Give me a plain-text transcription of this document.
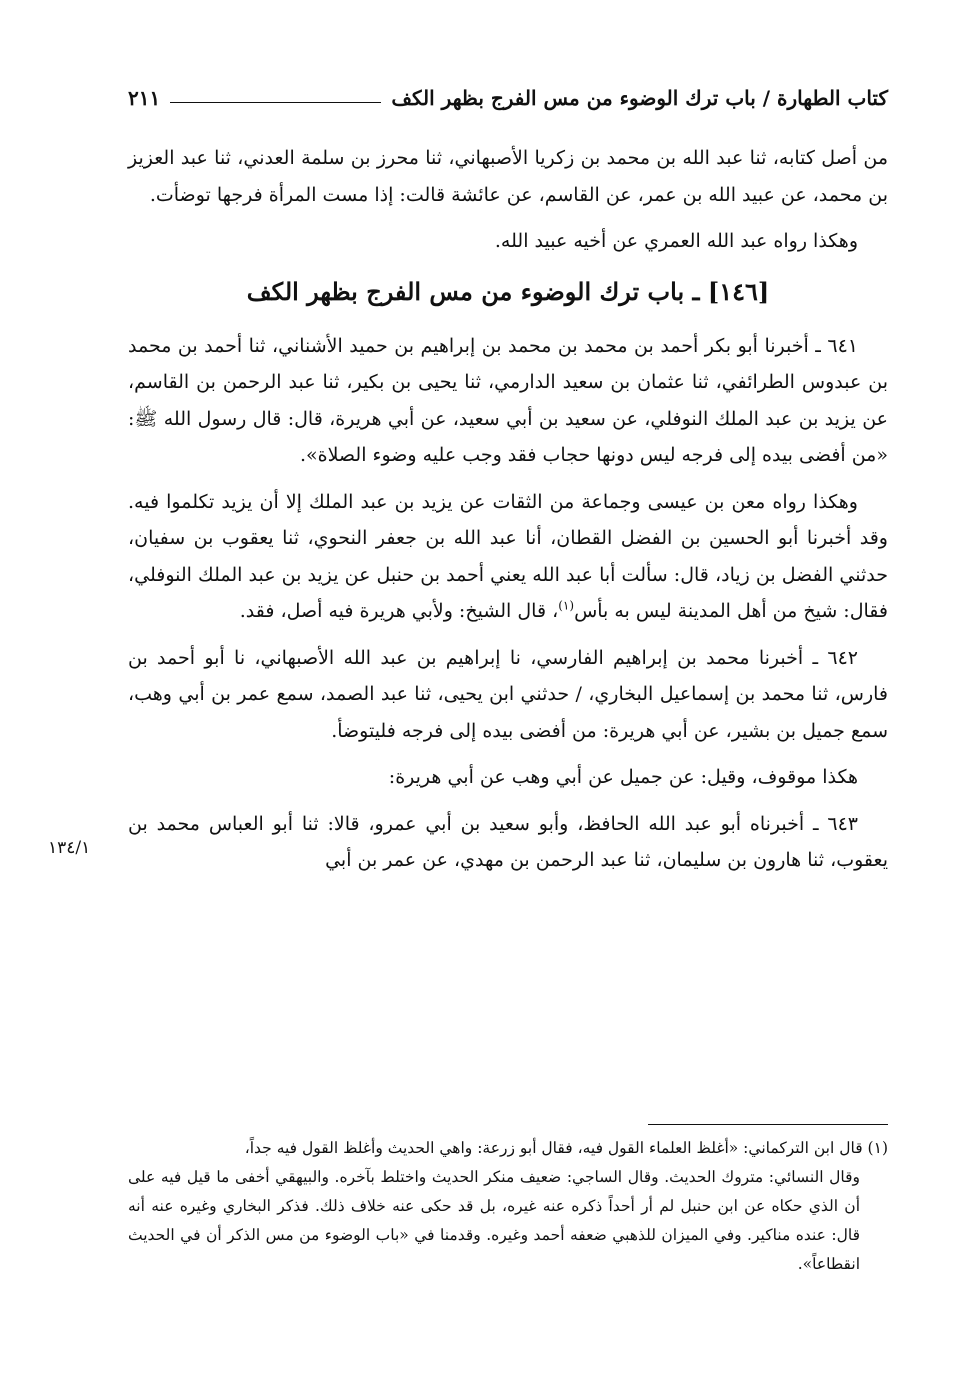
كتاب الطهارة / باب ترك الوضوء من مس الفرج بظهر الكف
٢١١

من أصل كتابه، ثنا عبد الله بن محمد بن زكريا الأصبهاني، ثنا محرز بن سلمة العدني، ثنا عبد العزيز بن محمد، عن عبيد الله بن عمر، عن القاسم، عن عائشة قالت: إذا مست المرأة فرجها توضأت.

وهكذا رواه عبد الله العمري عن أخيه عبيد الله.

[١٤٦] ـ باب ترك الوضوء من مس الفرج بظهر الكف

٦٤١ ـ أخبرنا أبو بكر أحمد بن محمد بن محمد بن إبراهيم بن حميد الأشناني، ثنا أحمد بن محمد بن عبدوس الطرائفي، ثنا عثمان بن سعيد الدارمي، ثنا يحيى بن بكير، ثنا عبد الرحمن بن القاسم، عن يزيد بن عبد الملك النوفلي، عن سعيد بن أبي سعيد، عن أبي هريرة، قال: قال رسول الله ﷺ: «من أفضى بيده إلى فرجه ليس دونها حجاب فقد وجب عليه وضوء الصلاة».

وهكذا رواه معن بن عيسى وجماعة من الثقات عن يزيد بن عبد الملك إلا أن يزيد تكلموا فيه. وقد أخبرنا أبو الحسين بن الفضل القطان، أنا عبد الله بن جعفر النحوي، ثنا يعقوب بن سفيان، حدثني الفضل بن زياد، قال: سألت أبا عبد الله يعني أحمد بن حنبل عن يزيد بن عبد الملك النوفلي، فقال: شيخ من أهل المدينة ليس به بأس$^{(١)}$، قال الشيخ: ولأبي هريرة فيه أصل، فقد.

٦٤٢ ـ أخبرنا محمد بن إبراهيم الفارسي، نا إبراهيم بن عبد الله الأصبهاني، نا أبو أحمد بن فارس، ثنا محمد بن إسماعيل البخاري، / حدثني ابن يحيى، ثنا عبد الصمد، سمع عمر بن أبي وهب، سمع جميل بن بشير، عن أبي هريرة: من أفضى بيده إلى فرجه فليتوضأ.

هكذا موقوف، وقيل: عن جميل عن أبي وهب عن أبي هريرة:

٦٤٣ ـ أخبرناه أبو عبد الله الحافظ، وأبو سعيد بن أبي عمرو، قالا: ثنا أبو العباس محمد بن يعقوب، ثنا هارون بن سليمان، ثنا عبد الرحمن بن مهدي، عن عمر بن أبي

١٣٤/١

(١) قال ابن التركماني: «أغلظ العلماء القول فيه، فقال أبو زرعة: واهي الحديث وأغلظ القول فيه جداً،

وقال النسائي: متروك الحديث. وقال الساجي: ضعيف منكر الحديث واختلط بآخره. والبيهقي أخفى ما قيل فيه على أن الذي حكاه عن ابن حنبل لم أر أحداً ذكره عنه غيره، بل قد حكى عنه خلاف ذلك. فذكر البخاري وغيره عنه أنه قال: عنده مناكير. وفي الميزان للذهبي ضعفه أحمد وغيره. وقدمنا في «باب الوضوء من مس الذكر أن في الحديث انقطاعاً».
